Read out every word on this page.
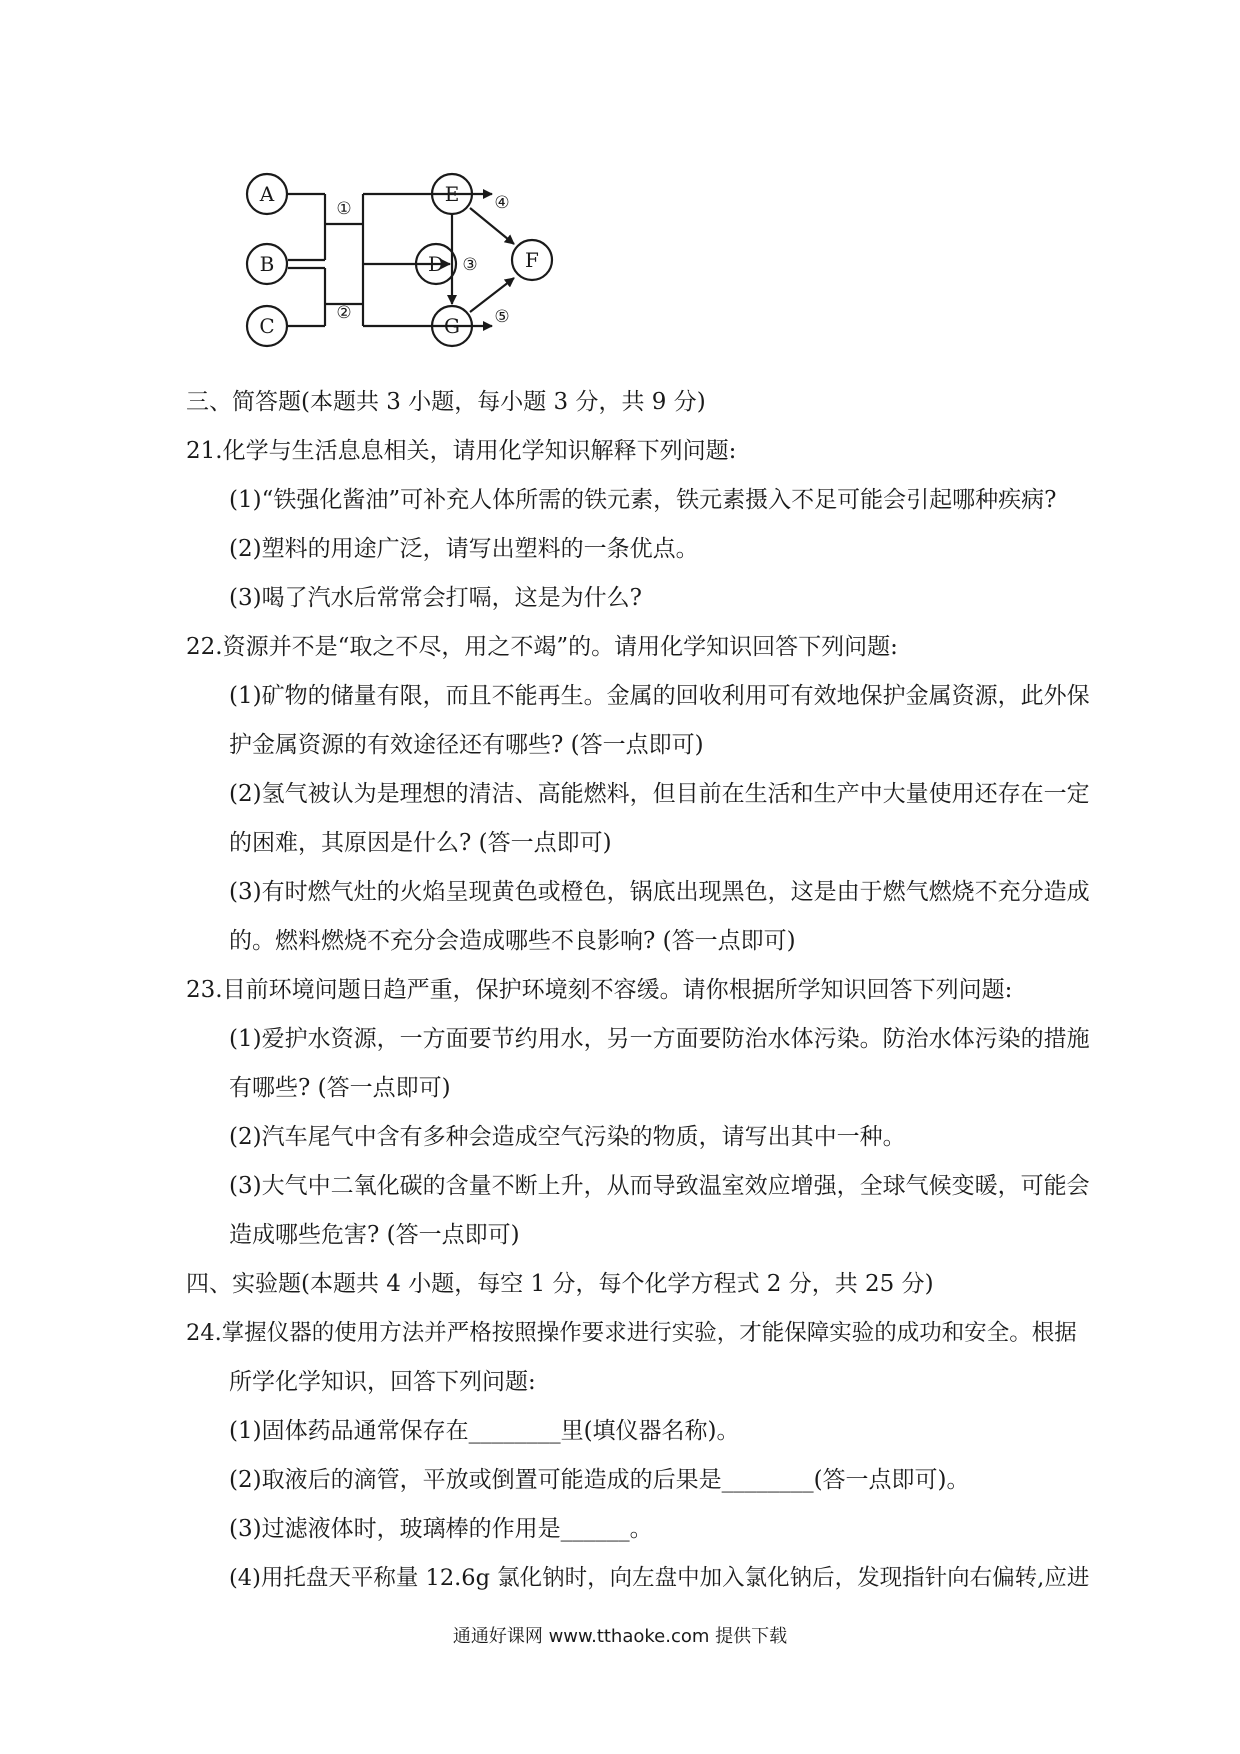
A
B
C
D
E
F
G
①
②
③
④
⑤
三、简答题(本题共 3 小题，每小题 3 分，共 9 分)
21.化学与生活息息相关，请用化学知识解释下列问题:
(1)“铁强化酱油”可补充人体所需的铁元素，铁元素摄入不足可能会引起哪种疾病?
(2)塑料的用途广泛，请写出塑料的一条优点。
(3)喝了汽水后常常会打嗝，这是为什么?
22.资源并不是“取之不尽，用之不竭”的。请用化学知识回答下列问题:
(1)矿物的储量有限，而且不能再生。金属的回收利用可有效地保护金属资源，此外保
护金属资源的有效途径还有哪些? (答一点即可)
(2)氢气被认为是理想的清洁、高能燃料，但目前在生活和生产中大量使用还存在一定
的困难，其原因是什么? (答一点即可)
(3)有时燃气灶的火焰呈现黄色或橙色，锅底出现黑色，这是由于燃气燃烧不充分造成
的。燃料燃烧不充分会造成哪些不良影响? (答一点即可)
23.目前环境问题日趋严重，保护环境刻不容缓。请你根据所学知识回答下列问题:
(1)爱护水资源，一方面要节约用水，另一方面要防治水体污染。防治水体污染的措施
有哪些? (答一点即可)
(2)汽车尾气中含有多种会造成空气污染的物质，请写出其中一种。
(3)大气中二氧化碳的含量不断上升，从而导致温室效应增强，全球气候变暖，可能会
造成哪些危害? (答一点即可)
四、实验题(本题共 4 小题，每空 1 分，每个化学方程式 2 分，共 25 分)
24.掌握仪器的使用方法并严格按照操作要求进行实验，才能保障实验的成功和安全。根据
所学化学知识，回答下列问题:
(1)固体药品通常保存在________里(填仪器名称)。
(2)取液后的滴管，平放或倒置可能造成的后果是________(答一点即可)。
(3)过滤液体时，玻璃棒的作用是______。
(4)用托盘天平称量 12.6g 氯化钠时，向左盘中加入氯化钠后，发现指针向右偏转,应进
通通好课网 www.tthaoke.com 提供下载
